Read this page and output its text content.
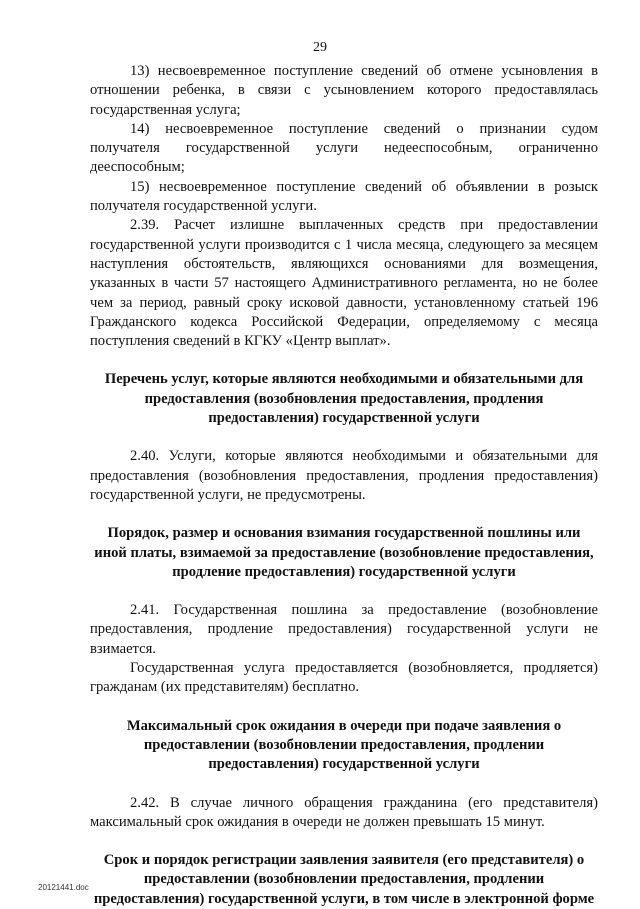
29

13) несвоевременное поступление сведений об отмене усыновления в отношении ребенка, в связи с усыновлением которого предоставлялась государственная услуга;

14) несвоевременное поступление сведений о признании судом получателя государственной услуги недееспособным, ограниченно дееспособным;

15) несвоевременное поступление сведений об объявлении в розыск получателя государственной услуги.

2.39. Расчет излишне выплаченных средств при предоставлении государственной услуги производится с 1 числа месяца, следующего за месяцем наступления обстоятельств, являющихся основаниями для возмещения, указанных в части 57 настоящего Административного регламента, но не более чем за период, равный сроку исковой давности, установленному статьей 196 Гражданского кодекса Российской Федерации, определяемому с месяца поступления сведений в КГКУ «Центр выплат».

Перечень услуг, которые являются необходимыми и обязательными для предоставления (возобновления предоставления, продления предоставления) государственной услуги

2.40. Услуги, которые являются необходимыми и обязательными для предоставления (возобновления предоставления, продления предоставления) государственной услуги, не предусмотрены.

Порядок, размер и основания взимания государственной пошлины или иной платы, взимаемой за предоставление (возобновление предоставления, продление предоставления) государственной услуги

2.41. Государственная пошлина за предоставление (возобновление предоставления, продление предоставления) государственной услуги не взимается.

Государственная услуга предоставляется (возобновляется, продляется) гражданам (их представителям) бесплатно.

Максимальный срок ожидания в очереди при подаче заявления о предоставлении (возобновлении предоставления, продлении предоставления) государственной услуги

2.42. В случае личного обращения гражданина (его представителя) максимальный срок ожидания в очереди не должен превышать 15 минут.

Срок и порядок регистрации заявления заявителя (его представителя) о предоставлении (возобновлении предоставления, продлении предоставления) государственной услуги, в том числе в электронной форме

20121441.doc
